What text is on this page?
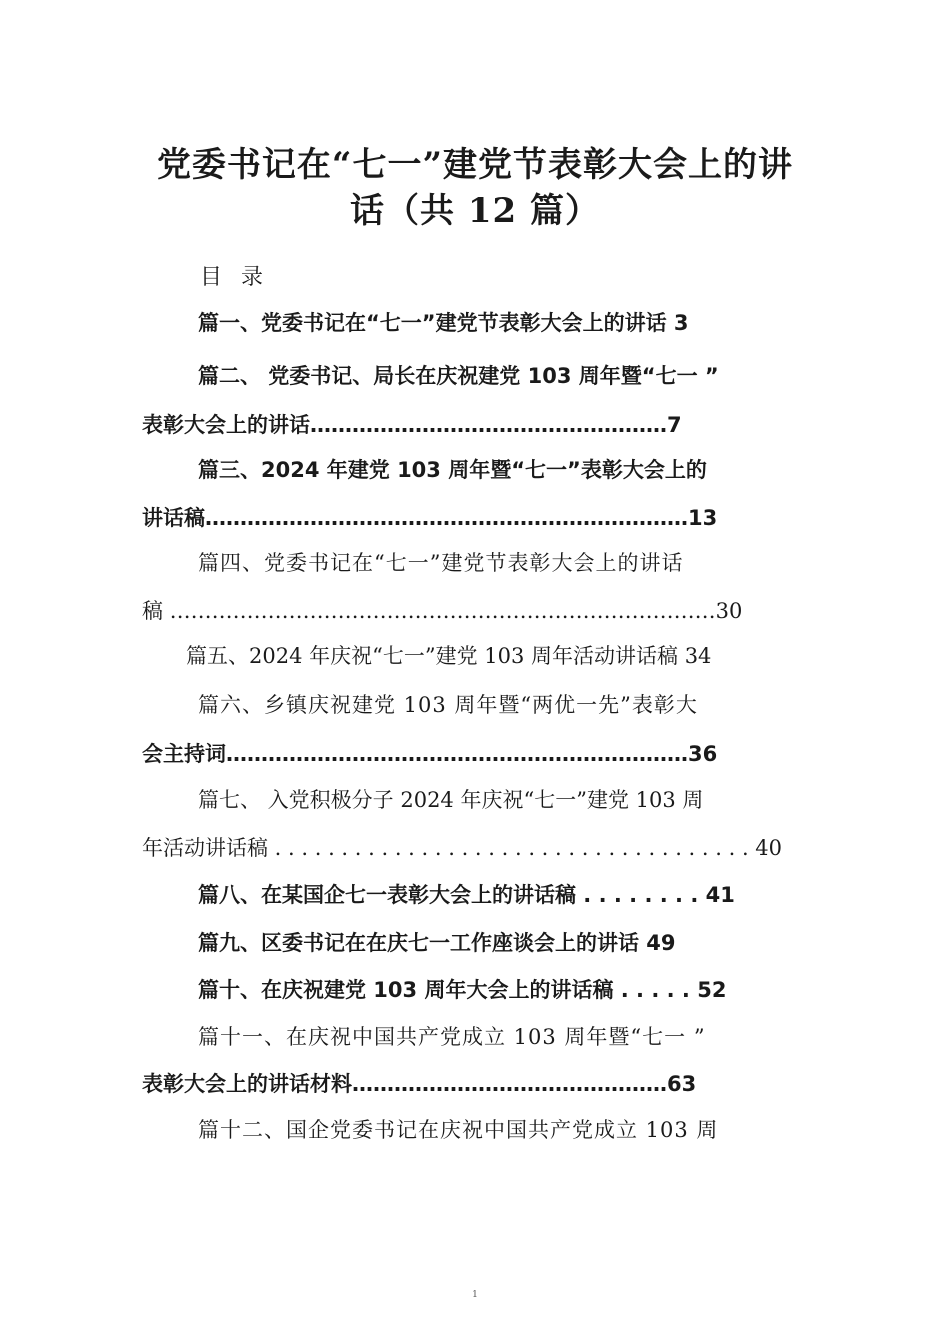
党委书记在“七一”建党节表彰大会上的讲
话（共 12 篇）
目 录
篇一、党委书记在“七一”建党节表彰大会上的讲话 3
篇二、 党委书记、局长在庆祝建党 103 周年暨“七一 ”
表彰大会上的讲话……………………………………………7
篇三、2024 年建党 103 周年暨“七一”表彰大会上的
讲话稿……………………………………………………………13
篇四、党委书记在“七一”建党节表彰大会上的讲话
稿 ……………………………………………………………………30
篇五、2024 年庆祝“七一”建党 103 周年活动讲话稿 34
篇六、乡镇庆祝建党 103 周年暨“两优一先”表彰大
会主持词…………………………………………………………36
篇七、 入党积极分子 2024 年庆祝“七一”建党 103 周
年活动讲话稿 . . . . . . . . . . . . . . . . . . . . . . . . . . . . . . . . . . . . 40
篇八、在某国企七一表彰大会上的讲话稿 . . . . . . . . 41
篇九、区委书记在在庆七一工作座谈会上的讲话 49
篇十、在庆祝建党 103 周年大会上的讲话稿 . . . . . 52
篇十一、在庆祝中国共产党成立 103 周年暨“七一 ”
表彰大会上的讲话材料………………………………………63
篇十二、国企党委书记在庆祝中国共产党成立 103 周
1
